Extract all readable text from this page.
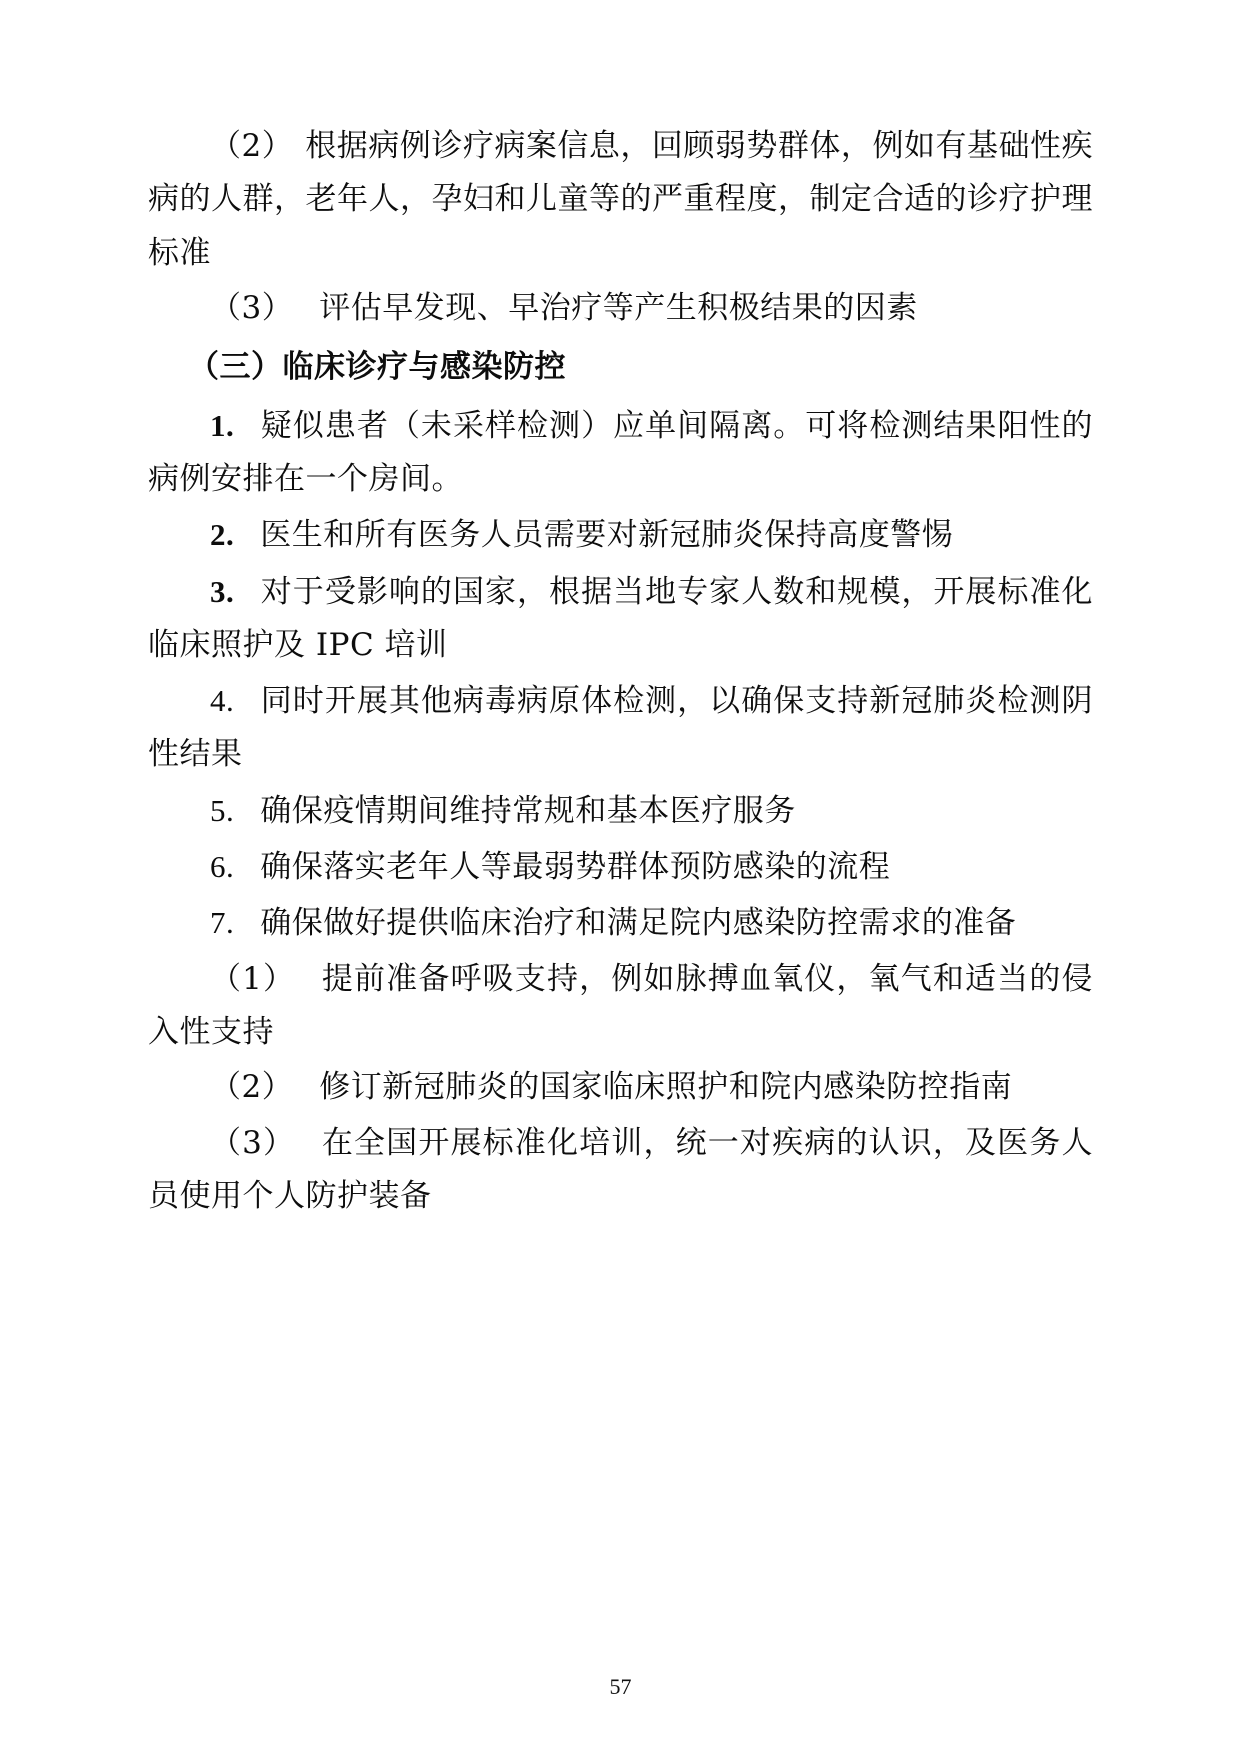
（2） 根据病例诊疗病案信息，回顾弱势群体，例如有基础性疾病的人群，老年人，孕妇和儿童等的严重程度，制定合适的诊疗护理标准

（3） 评估早发现、早治疗等产生积极结果的因素

（三）临床诊疗与感染防控

1. 疑似患者（未采样检测）应单间隔离。可将检测结果阳性的病例安排在一个房间。

2. 医生和所有医务人员需要对新冠肺炎保持高度警惕

3. 对于受影响的国家，根据当地专家人数和规模，开展标准化临床照护及 IPC 培训

4. 同时开展其他病毒病原体检测，以确保支持新冠肺炎检测阴性结果

5. 确保疫情期间维持常规和基本医疗服务

6. 确保落实老年人等最弱势群体预防感染的流程

7. 确保做好提供临床治疗和满足院内感染防控需求的准备

（1） 提前准备呼吸支持，例如脉搏血氧仪，氧气和适当的侵入性支持

（2） 修订新冠肺炎的国家临床照护和院内感染防控指南

（3） 在全国开展标准化培训，统一对疾病的认识，及医务人员使用个人防护装备

57
